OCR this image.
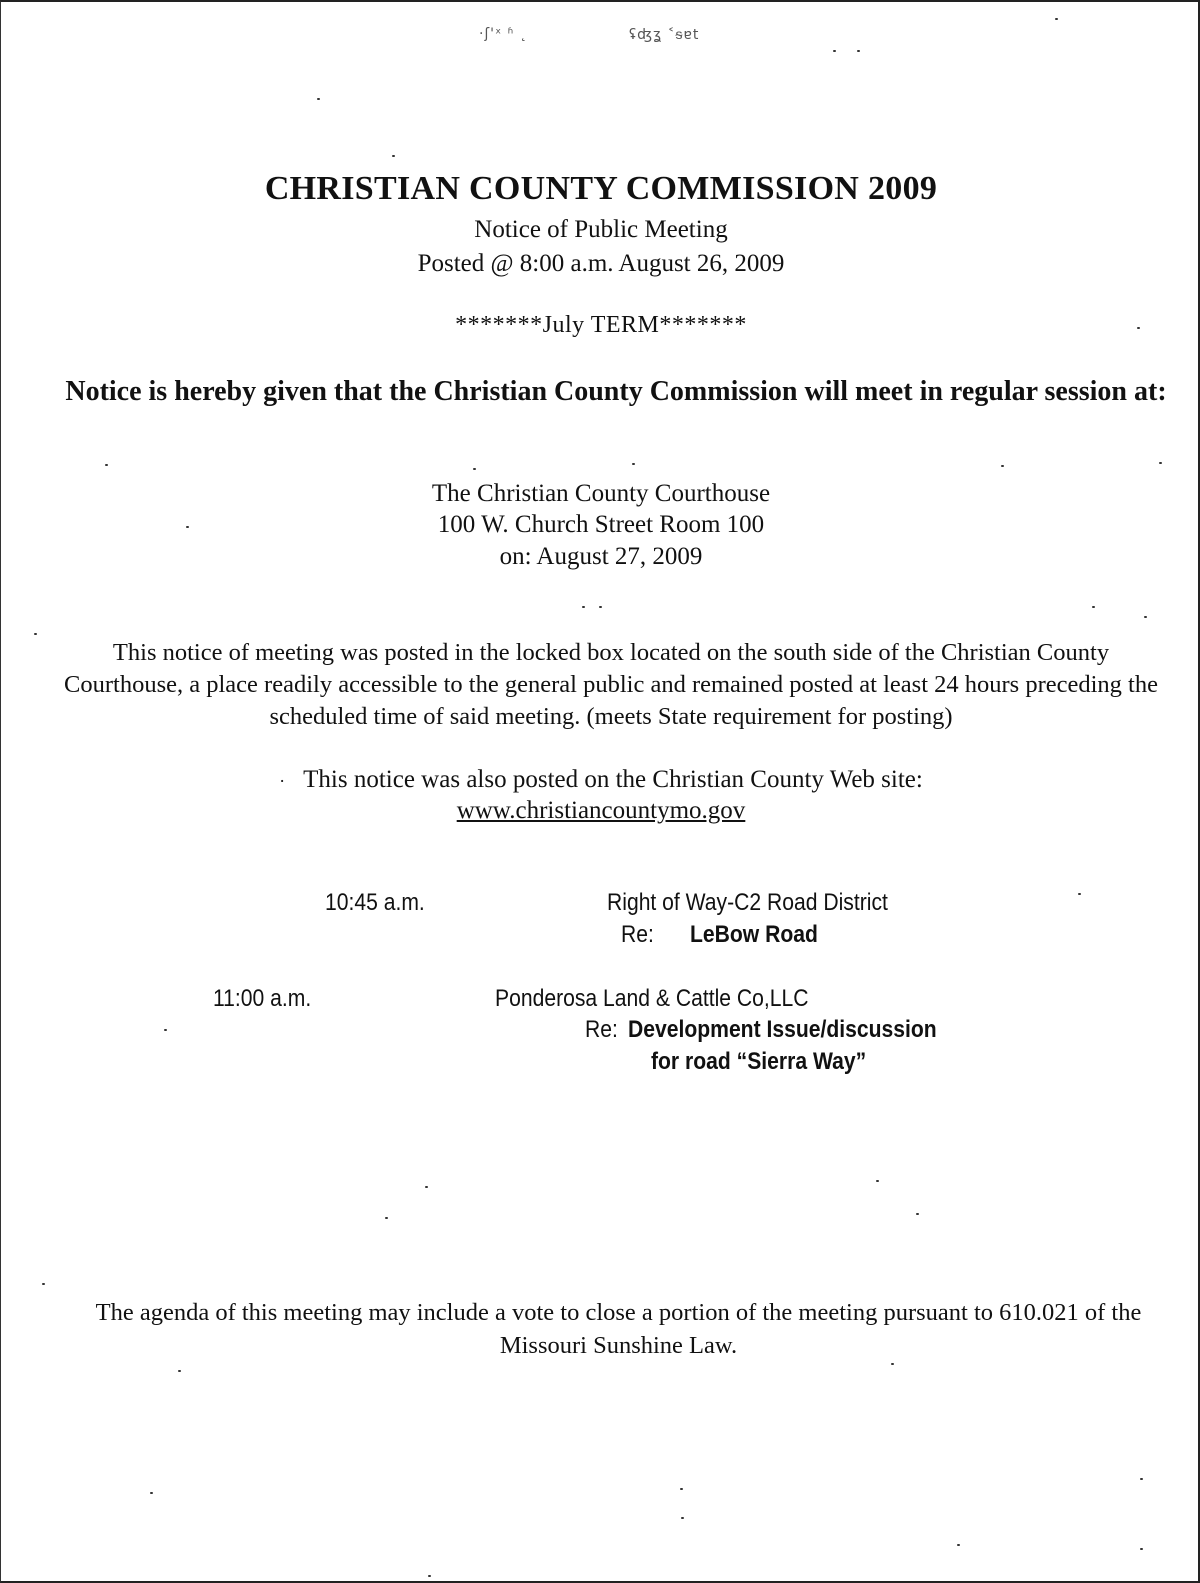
·ʃ'ˣ ʱ ˛	ʢʤʓ ˂ᵴɐt
CHRISTIAN COUNTY COMMISSION 2009
Notice of Public Meeting
Posted @ 8:00 a.m. August 26, 2009
*******July TERM*******
Notice is hereby given that the Christian County Commission will meet in regular session at:
The Christian County Courthouse
100 W. Church Street Room 100
on: August 27, 2009
This notice of meeting was posted in the locked box located on the south side of the Christian County Courthouse, a place readily accessible to the general public and remained posted at least 24 hours preceding the scheduled time of said meeting. (meets State requirement for posting)
· This notice was also posted on the Christian County Web site:
www.christiancountymo.gov
10:45 a.m.	Right of Way-C2 Road District
Re: LeBow Road
11:00 a.m.	Ponderosa Land & Cattle Co,LLC
Re: Development Issue/discussion
for road “Sierra Way”
The agenda of this meeting may include a vote to close a portion of the meeting pursuant to 610.021 of the Missouri Sunshine Law.
